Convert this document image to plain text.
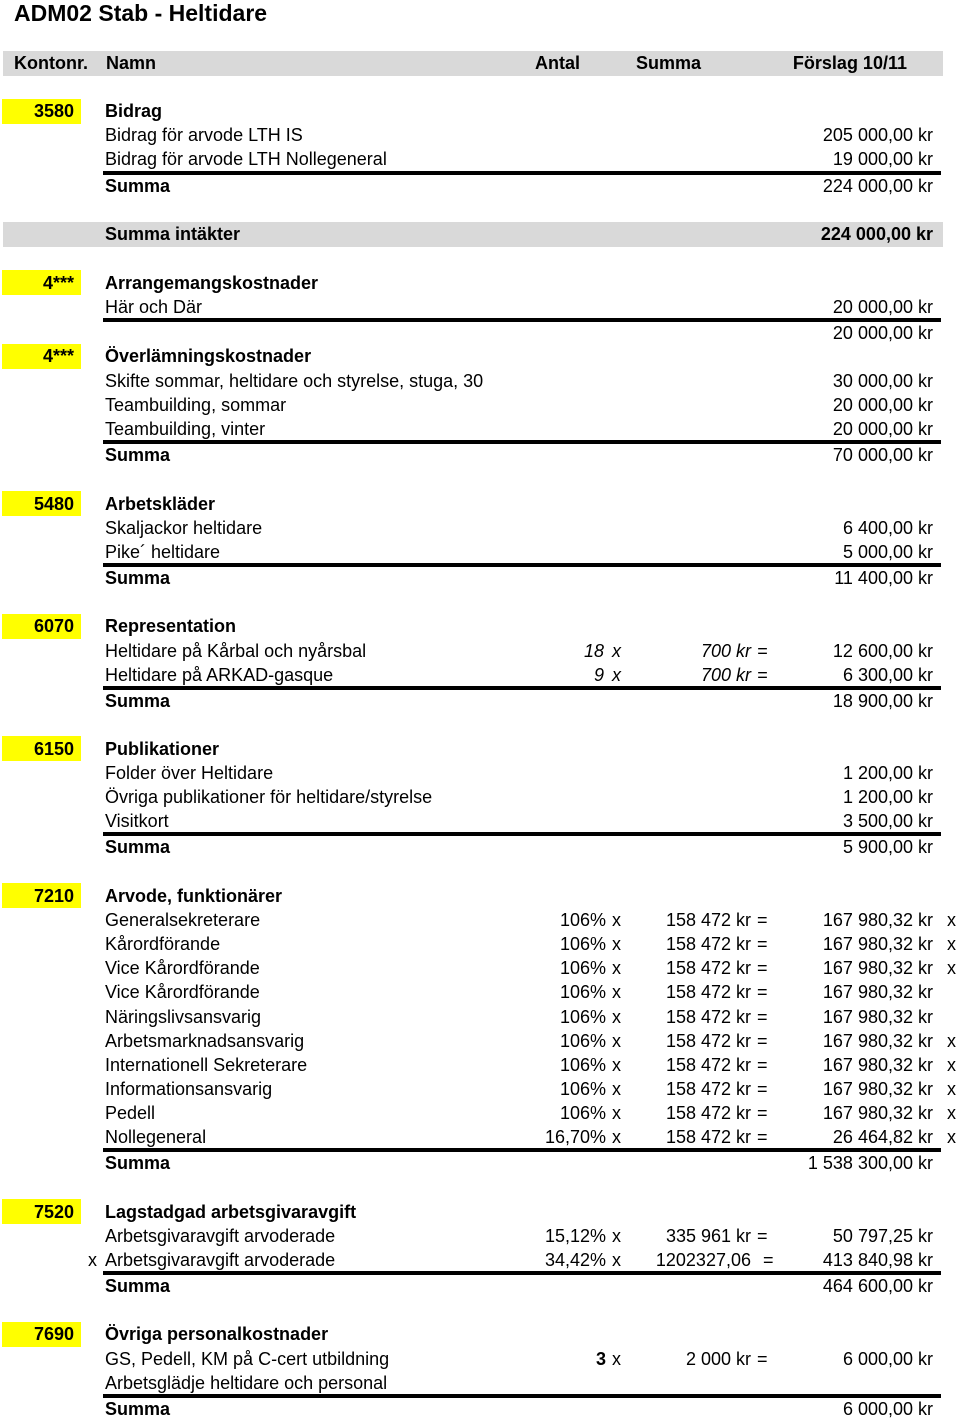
ADM02 Stab - Heltidare
Kontonr. Namn	Antal	Summa	Förslag 10/11
3580 Bidrag
Bidrag för arvode LTH IS	205 000,00 kr
Bidrag för arvode LTH Nollegeneral	19 000,00 kr
Summa	224 000,00 kr
Summa intäkter	224 000,00 kr
4*** Arrangemangskostnader
Här och Där	20 000,00 kr
20 000,00 kr
4*** Överlämningskostnader
Skifte sommar, heltidare och styrelse, stuga, 30	30 000,00 kr
Teambuilding, sommar	20 000,00 kr
Teambuilding, vinter	20 000,00 kr
Summa	70 000,00 kr
5480 Arbetskläder
Skaljackor heltidare	6 400,00 kr
Pike´ heltidare	5 000,00 kr
Summa	11 400,00 kr
6070 Representation
Heltidare på Kårbal och nyårsbal	18 x	700 kr =	12 600,00 kr
Heltidare på ARKAD-gasque	9 x	700 kr =	6 300,00 kr
Summa	18 900,00 kr
6150 Publikationer
Folder över Heltidare	1 200,00 kr
Övriga publikationer för heltidare/styrelse	1 200,00 kr
Visitkort	3 500,00 kr
Summa	5 900,00 kr
7210 Arvode, funktionärer
Generalsekreterare	106% x 158 472 kr =	167 980,32 kr x
Kårordförande	106% x 158 472 kr =	167 980,32 kr x
Vice Kårordförande	106% x 158 472 kr =	167 980,32 kr x
Vice Kårordförande	106% x 158 472 kr =	167 980,32 kr
Näringslivsansvarig	106% x 158 472 kr =	167 980,32 kr
Arbetsmarknadsansvarig	106% x 158 472 kr =	167 980,32 kr x
Internationell Sekreterare	106% x 158 472 kr =	167 980,32 kr x
Informationsansvarig	106% x 158 472 kr =	167 980,32 kr x
Pedell	106% x 158 472 kr =	167 980,32 kr x
Nollegeneral	16,70% x 158 472 kr =	26 464,82 kr x
Summa	1 538 300,00 kr
7520 Lagstadgad arbetsgivaravgift
Arbetsgivaravgift arvoderade	15,12% x 335 961 kr =	50 797,25 kr
x Arbetsgivaravgift arvoderade	34,42% x 1202327,06 =	413 840,98 kr
Summa	464 600,00 kr
7690 Övriga personalkostnader
GS, Pedell, KM på C-cert utbildning	3 x	2 000 kr =	6 000,00 kr
Arbetsglädje heltidare och personal
Summa	6 000,00 kr
